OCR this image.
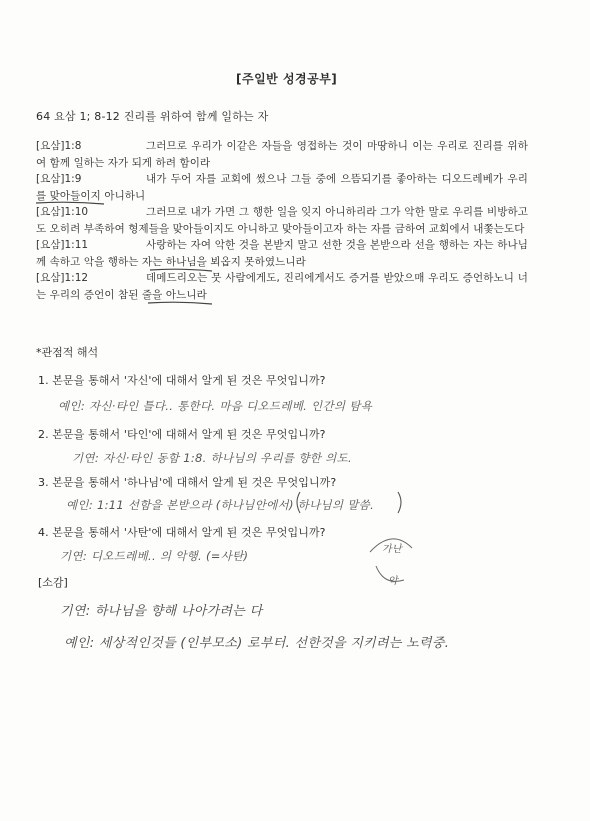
[주일반 성경공부]
64 요삼 1; 8-12 진리를 위하여 함께 일하는 자
[요삼]1:8	그러므로 우리가 이같은 자들을 영접하는 것이 마땅하니 이는 우리로 진리를 위하여 함께 일하는 자가 되게 하려 함이라
[요삼]1:9	내가 두어 자를 교회에 썼으나 그들 중에 으뜸되기를 좋아하는 디오드레베가 우리를 맞아들이지 아니하니
[요삼]1:10	그러므로 내가 가면 그 행한 일을 잊지 아니하리라 그가 악한 말로 우리를 비방하고도 오히려 부족하여 형제들을 맞아들이지도 아니하고 맞아들이고자 하는 자를 금하여 교회에서 내쫓는도다
[요삼]1:11	사랑하는 자여 악한 것을 본받지 말고 선한 것을 본받으라 선을 행하는 자는 하나님께 속하고 악을 행하는 자는 하나님을 뵈옵지 못하였느니라
[요삼]1:12	데메드리오는 뭇 사람에게도, 진리에게서도 증거를 받았으매 우리도 증언하노니 너는 우리의 증언이 참된 줄을 아느니라
*관점적 해석
1. 본문을 통해서 '자신'에 대해서 알게 된 것은 무엇입니까?
예인: 자신·타인 틀다.. 통한다. 마음 디오드레베. 인간의 탐욕
2. 본문을 통해서 '타인'에 대해서 알게 된 것은 무엇입니까?
기연: 자신·타인 동함 1:8. 하나님의 우리를 향한 의도.
3. 본문을 통해서 '하나님'에 대해서 알게 된 것은 무엇입니까?
예인: 1:11 선함을 본받으라 (하나님안에서) 하나님의 말씀.
4. 본문을 통해서 '사탄'에 대해서 알게 된 것은 무엇입니까?
기연: 디오드레베.. 의 악행. (=사탄)	가난
악
[소감]
기연: 하나님을 향해 나아가려는 다
예인: 세상적인것들 (인부모소) 로부터. 선한것을 지키려는 노력중.
